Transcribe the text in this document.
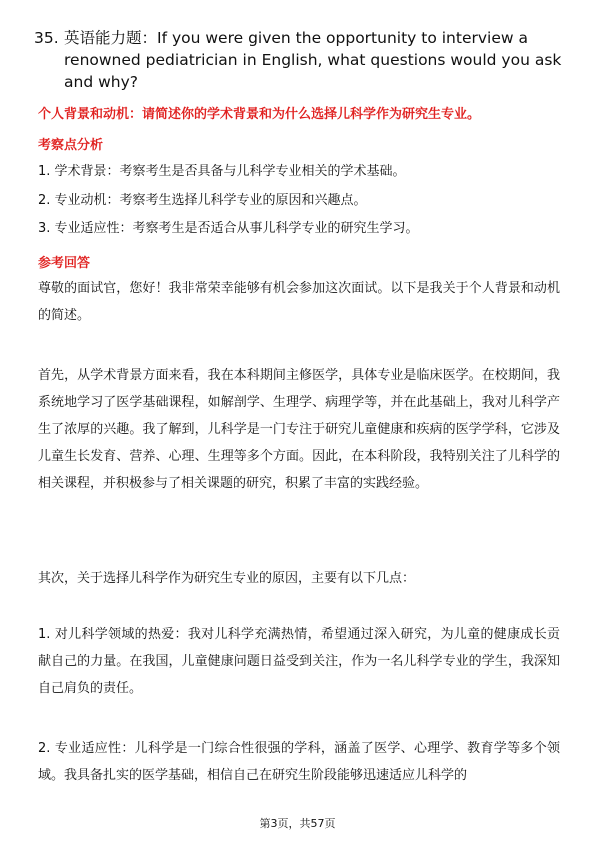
35. 英语能力题：If you were given the opportunity to interview a renowned pediatrician in English, what questions would you ask and why?
个人背景和动机：请简述你的学术背景和为什么选择儿科学作为研究生专业。
考察点分析
1. 学术背景：考察考生是否具备与儿科学专业相关的学术基础。
2. 专业动机：考察考生选择儿科学专业的原因和兴趣点。
3. 专业适应性：考察考生是否适合从事儿科学专业的研究生学习。
参考回答
尊敬的面试官，您好！我非常荣幸能够有机会参加这次面试。以下是我关于个人背景和动机的简述。
首先，从学术背景方面来看，我在本科期间主修医学，具体专业是临床医学。在校期间，我系统地学习了医学基础课程，如解剖学、生理学、病理学等，并在此基础上，我对儿科学产生了浓厚的兴趣。我了解到，儿科学是一门专注于研究儿童健康和疾病的医学学科，它涉及儿童生长发育、营养、心理、生理等多个方面。因此，在本科阶段，我特别关注了儿科学的相关课程，并积极参与了相关课题的研究，积累了丰富的实践经验。
其次，关于选择儿科学作为研究生专业的原因，主要有以下几点：
1. 对儿科学领域的热爱：我对儿科学充满热情，希望通过深入研究，为儿童的健康成长贡献自己的力量。在我国，儿童健康问题日益受到关注，作为一名儿科学专业的学生，我深知自己肩负的责任。
2. 专业适应性：儿科学是一门综合性很强的学科，涵盖了医学、心理学、教育学等多个领域。我具备扎实的医学基础，相信自己在研究生阶段能够迅速适应儿科学的
第3页，共57页
